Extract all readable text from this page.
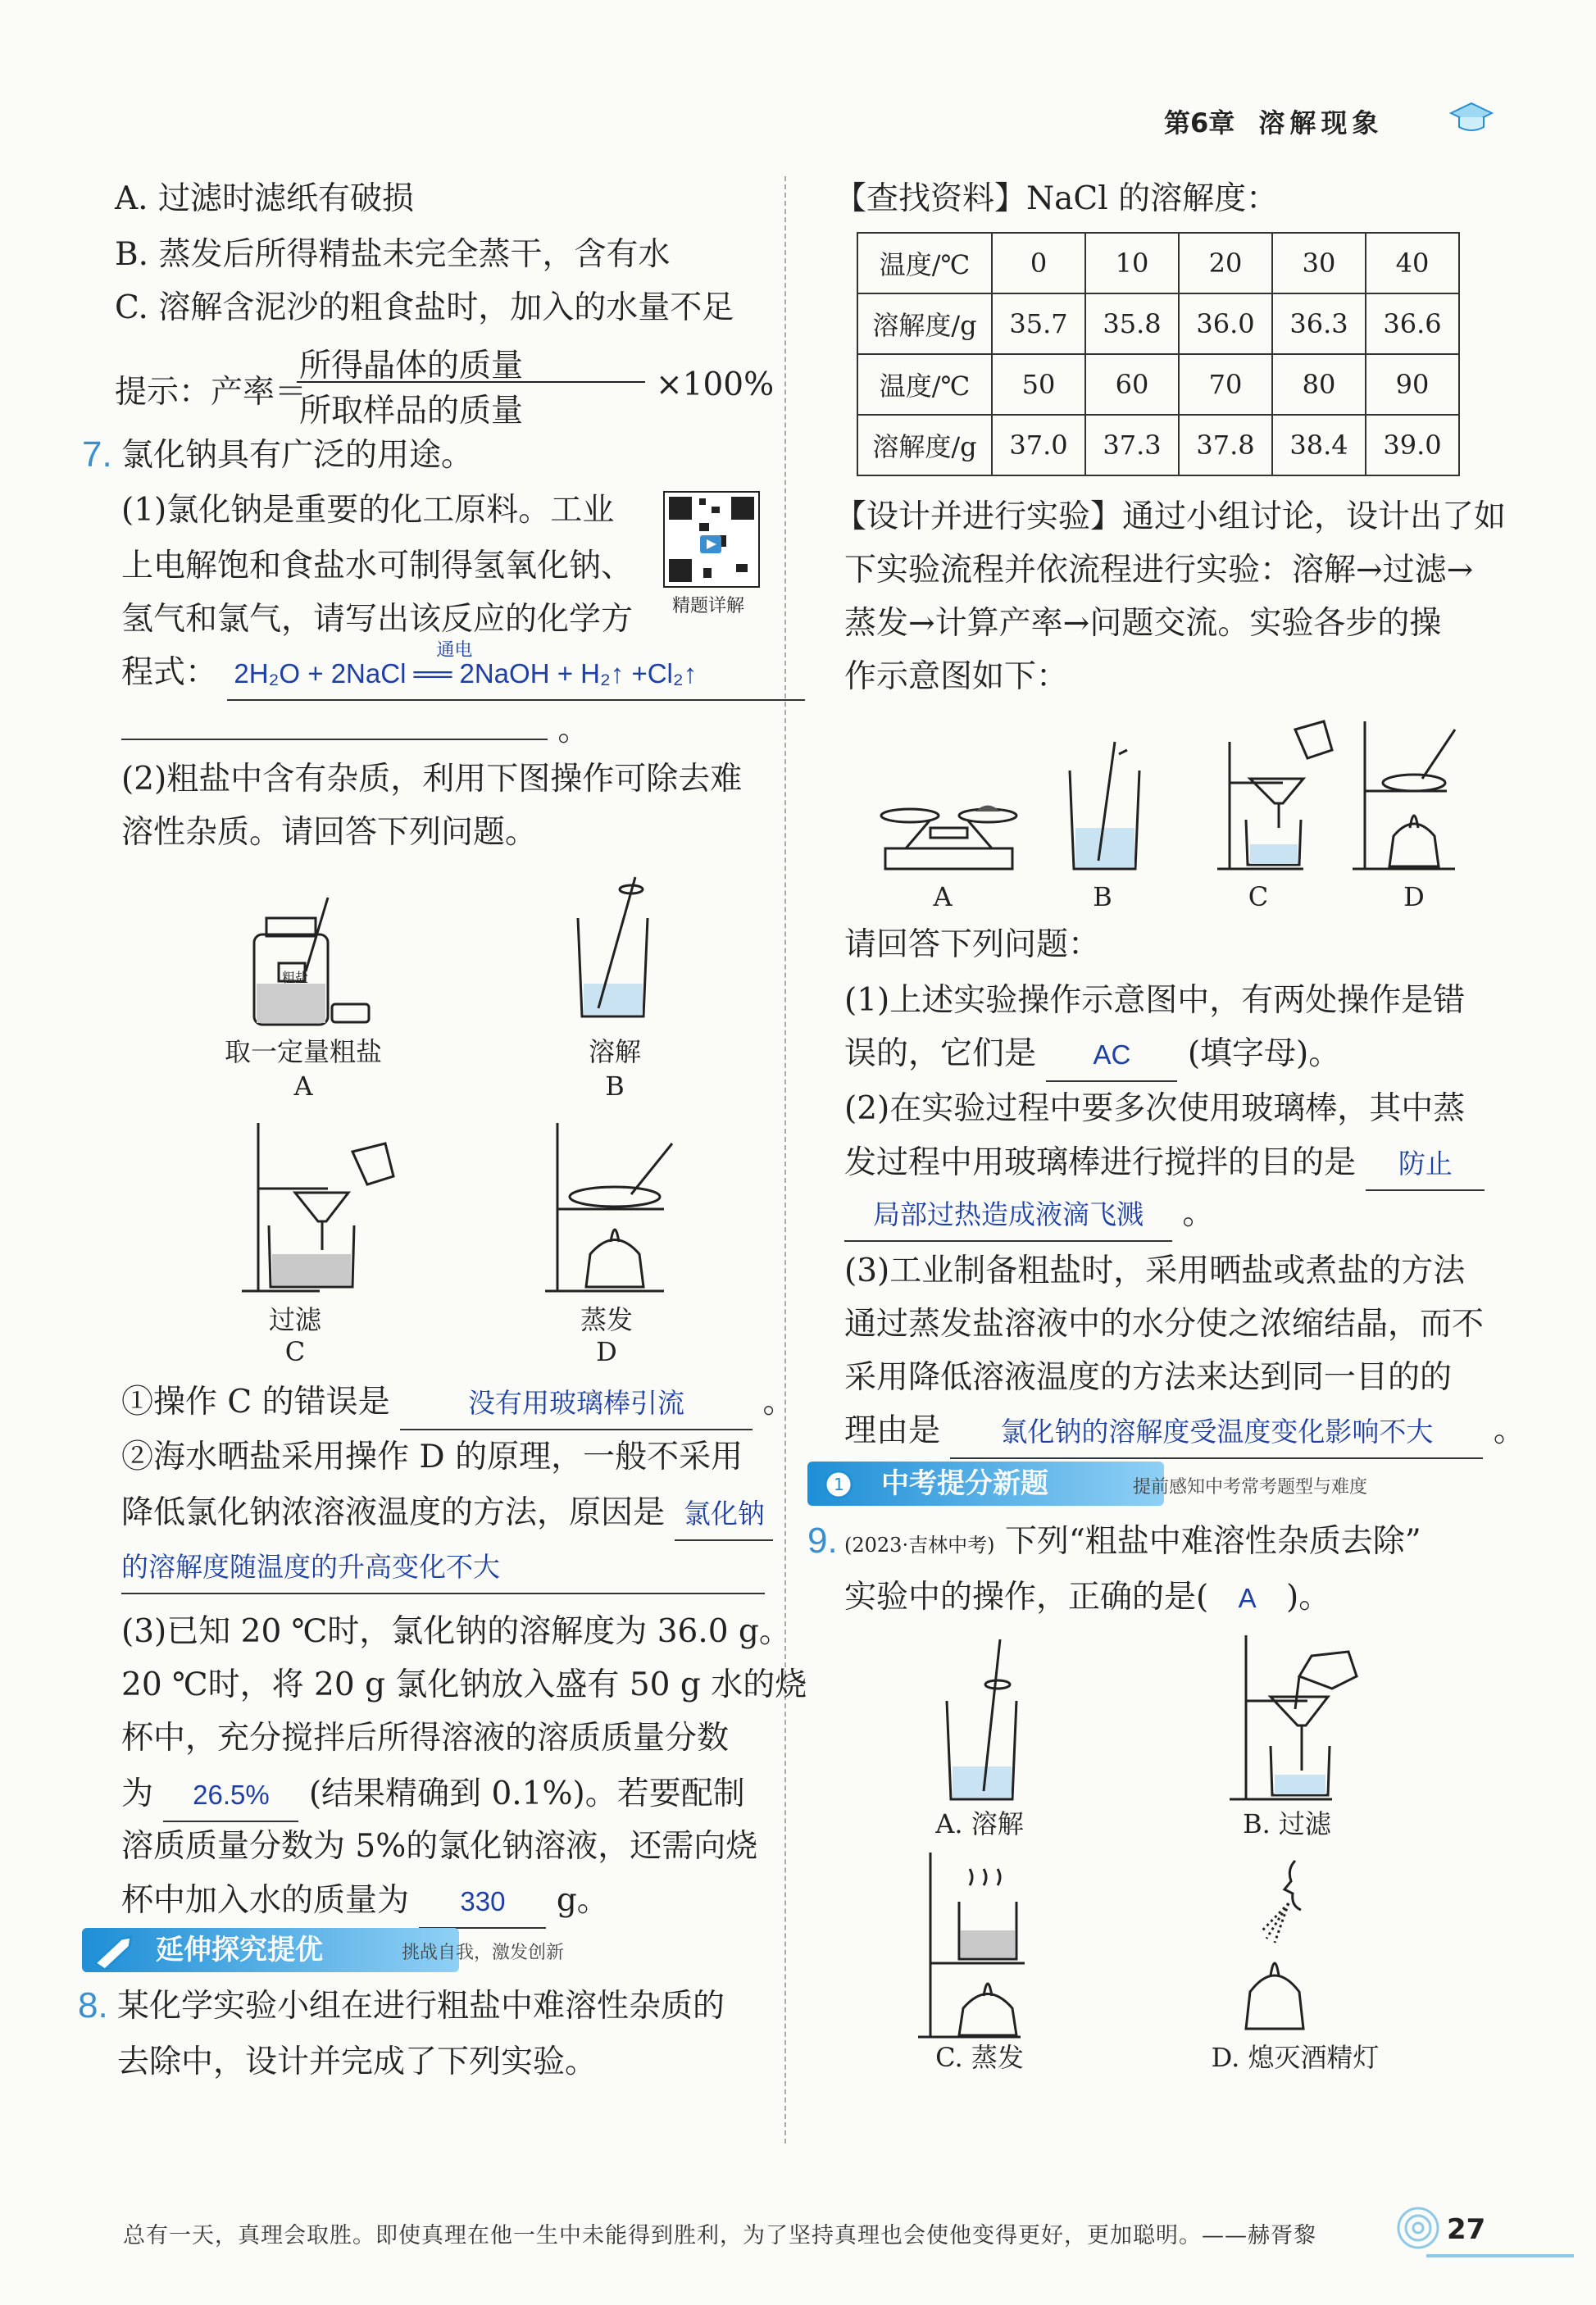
第6章 溶解现象
A. 过滤时滤纸有破损
B. 蒸发后所得精盐未完全蒸干，含有水
C. 溶解含泥沙的粗食盐时，加入的水量不足
提示：产率＝
所得晶体的质量
所取样品的质量
×100%
7. 氯化钠具有广泛的用途。
(1)氯化钠是重要的化工原料。工业
上电解饱和食盐水可制得氢氧化钠、
氢气和氯气，请写出该反应的化学方 精题详解
程式：
通电
2H₂O + 2NaCl ══ 2NaOH + H₂↑ +Cl₂↑
。
(2)粗盐中含有杂质，利用下图操作可除去难
溶性杂质。请回答下列问题。
粗盐
取一定量粗盐
A
溶解
B
过滤
C
蒸发
D
①操作 C 的错误是	没有用玻璃棒引流 。
②海水晒盐采用操作 D 的原理，一般不采用
降低氯化钠浓溶液温度的方法，原因是 氯化钠
的溶解度随温度的升高变化不大
(3)已知 20 ℃时，氯化钠的溶解度为 36.0 g。
20 ℃时，将 20 g 氯化钠放入盛有 50 g 水的烧
杯中，充分搅拌后所得溶液的溶质质量分数
为 26.5% (结果精确到 0.1%)。若要配制
溶质质量分数为 5%的氯化钠溶液，还需向烧
杯中加入水的质量为 330 g。
延伸探究提优	挑战自我，激发创新
8. 某化学实验小组在进行粗盐中难溶性杂质的
去除中，设计并完成了下列实验。
【查找资料】NaCl 的溶解度：
温度/℃	0	10	20	30	40
溶解度/g	35.7	35.8	36.0	36.3	36.6
温度/℃	50	60	70	80	90
溶解度/g	37.0	37.3	37.8	38.4	39.0
【设计并进行实验】通过小组讨论，设计出了如
下实验流程并依流程进行实验：溶解→过滤→
蒸发→计算产率→问题交流。实验各步的操
作示意图如下：
A	B	C	D
请回答下列问题：
(1)上述实验操作示意图中，有两处操作是错
误的，它们是 AC (填字母)。
(2)在实验过程中要多次使用玻璃棒，其中蒸
发过程中用玻璃棒进行搅拌的目的是 防止
局部过热造成液滴飞溅 。
(3)工业制备粗盐时，采用晒盐或煮盐的方法
通过蒸发盐溶液中的水分使之浓缩结晶，而不
采用降低溶液温度的方法来达到同一目的的
理由是 氯化钠的溶解度受温度变化影响不大 。
中考提分新题
1	提前感知中考常考题型与难度
9. (2023·吉林中考) 下列“粗盐中难溶性杂质去除”
实验中的操作，正确的是( A )。
A. 溶解	B. 过滤
C. 蒸发	D. 熄灭酒精灯
总有一天，真理会取胜。即使真理在他一生中未能得到胜利，为了坚持真理也会使他变得更好，更加聪明。——赫胥黎	27
